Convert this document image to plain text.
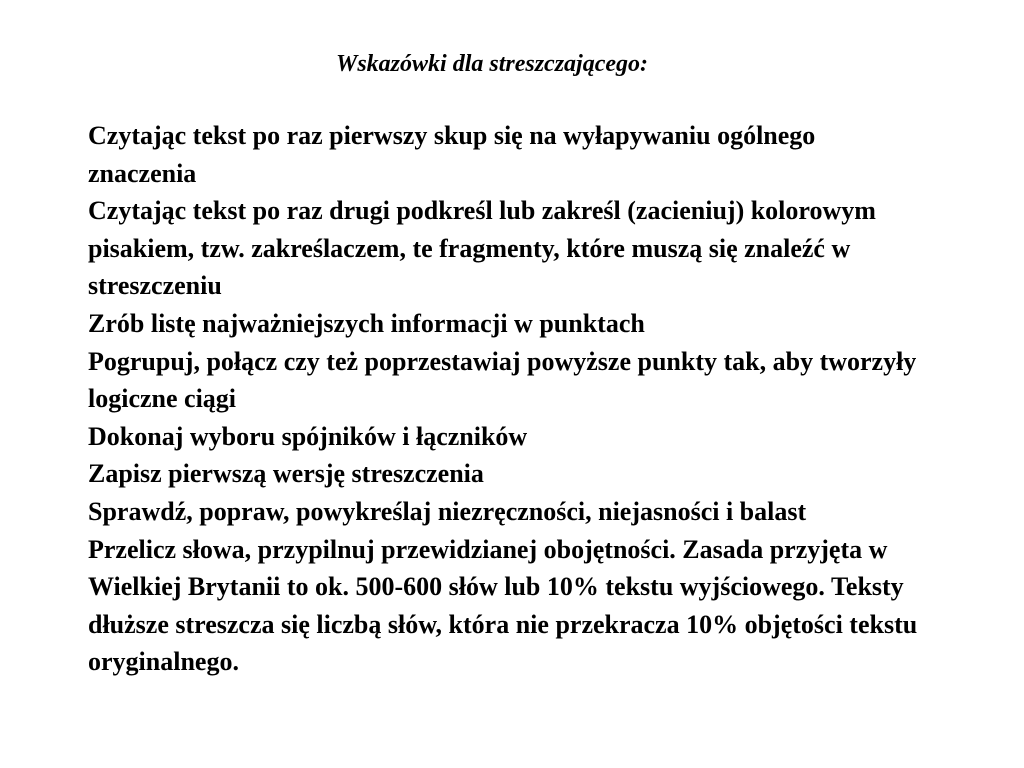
Wskazówki dla streszczającego:
Czytając tekst po raz pierwszy skup się na wyłapywaniu ogólnego znaczenia
Czytając tekst po raz drugi podkreśl lub zakreśl (zacieniuj) kolorowym pisakiem, tzw. zakreślaczem, te fragmenty, które muszą się znaleźć w streszczeniu
Zrób listę najważniejszych informacji w punktach
Pogrupuj, połącz czy też poprzestawiaj powyższe punkty tak, aby tworzyły logiczne ciągi
Dokonaj wyboru spójników i łączników
Zapisz pierwszą wersję streszczenia
Sprawdź, popraw, powykreślaj niezręczności, niejasności i balast
Przelicz słowa, przypilnuj przewidzianej obojętności. Zasada przyjęta w Wielkiej Brytanii to ok. 500-600 słów lub 10% tekstu wyjściowego. Teksty dłuższe streszcza się liczbą słów, która nie przekracza 10% objętości tekstu oryginalnego.
